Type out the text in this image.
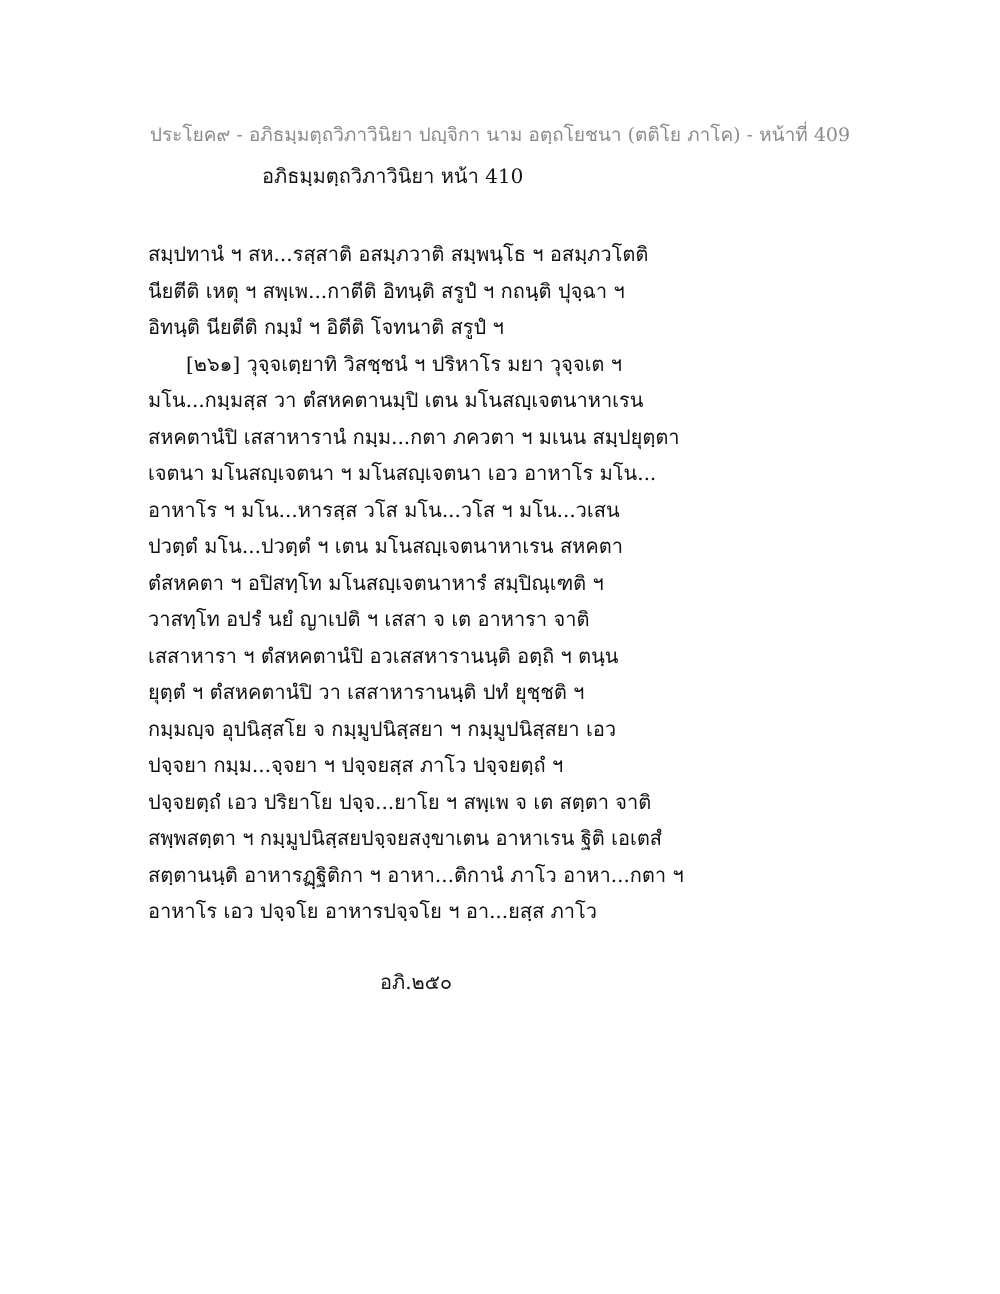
ประโยค๙ - อภิธมฺมตฺถวิภาวินิยา ปญฺจิกา นาม อตฺถโยชนา (ตติโย ภาโค) - หน้าที่ 409
อภิธมฺมตฺถวิภาวินิยา หน้า 410
สมฺปทานํ ฯ สห...รสฺสาติ อสมฺภวาติ สมฺพนฺโธ ฯ อสมฺภวโตติ
นียตีติ เหตุ ฯ สพฺเพ...กาตีติ อิทนฺติ สรูปํ ฯ กถนฺติ ปุจฺฉา ฯ
อิทนฺติ นียตีติ กมฺมํ ฯ อิตีติ โจทนาติ สรูปํ ฯ
[๒๖๑] วุจฺจเตฺยาทิ วิสชฺชนํ ฯ ปริหาโร มยา วุจฺจเต ฯ
มโน...กมฺมสฺส วา ตํสหคตานมฺปิ เตน มโนสญฺเจตนาหาเรน
สหคตานํปิ เสสาหารานํ กมฺม...กตา ภควตา ฯ มเนน สมฺปยุตฺตา
เจตนา มโนสญฺเจตนา ฯ มโนสญฺเจตนา เอว อาหาโร มโน...
อาหาโร ฯ มโน...หารสฺส วโส มโน...วโส ฯ มโน...วเสน
ปวตฺตํ มโน...ปวตฺตํ ฯ เตน มโนสญฺเจตนาหาเรน สหคตา
ตํสหคตา ฯ อปิสทฺโท มโนสญฺเจตนาหารํ สมฺปิณฺเฑติ ฯ
วาสทฺโท อปรํ นยํ ญาเปติ ฯ เสสา จ เต อาหารา จาติ
เสสาหารา ฯ ตํสหคตานํปิ อวเสสหารานนฺติ อตฺถิ ฯ ตนฺน
ยุตฺตํ ฯ ตํสหคตานํปิ วา เสสาหารานนฺติ ปทํ ยุชฺชติ ฯ
กมฺมญฺจ อุปนิสฺสโย จ กมฺมูปนิสฺสยา ฯ กมฺมูปนิสฺสยา เอว
ปจฺจยา กมฺม...จฺจยา ฯ ปจฺจยสฺส ภาโว ปจฺจยตฺถํ ฯ
ปจฺจยตฺถํ เอว ปริยาโย ปจฺจ...ยาโย ฯ สพฺเพ จ เต สตฺตา จาติ
สพฺพสตฺตา ฯ กมฺมูปนิสฺสยปจฺจยสงฺขาเตน อาหาเรน ฐิติ เอเตสํ
สตฺตานนฺติ อาหารฏฺฐิติกา ฯ อาหา...ติกานํ ภาโว อาหา...กตา ฯ
อาหาโร เอว ปจฺจโย อาหารปจฺจโย ฯ อา...ยสฺส ภาโว
อภิ.๒๕๐
